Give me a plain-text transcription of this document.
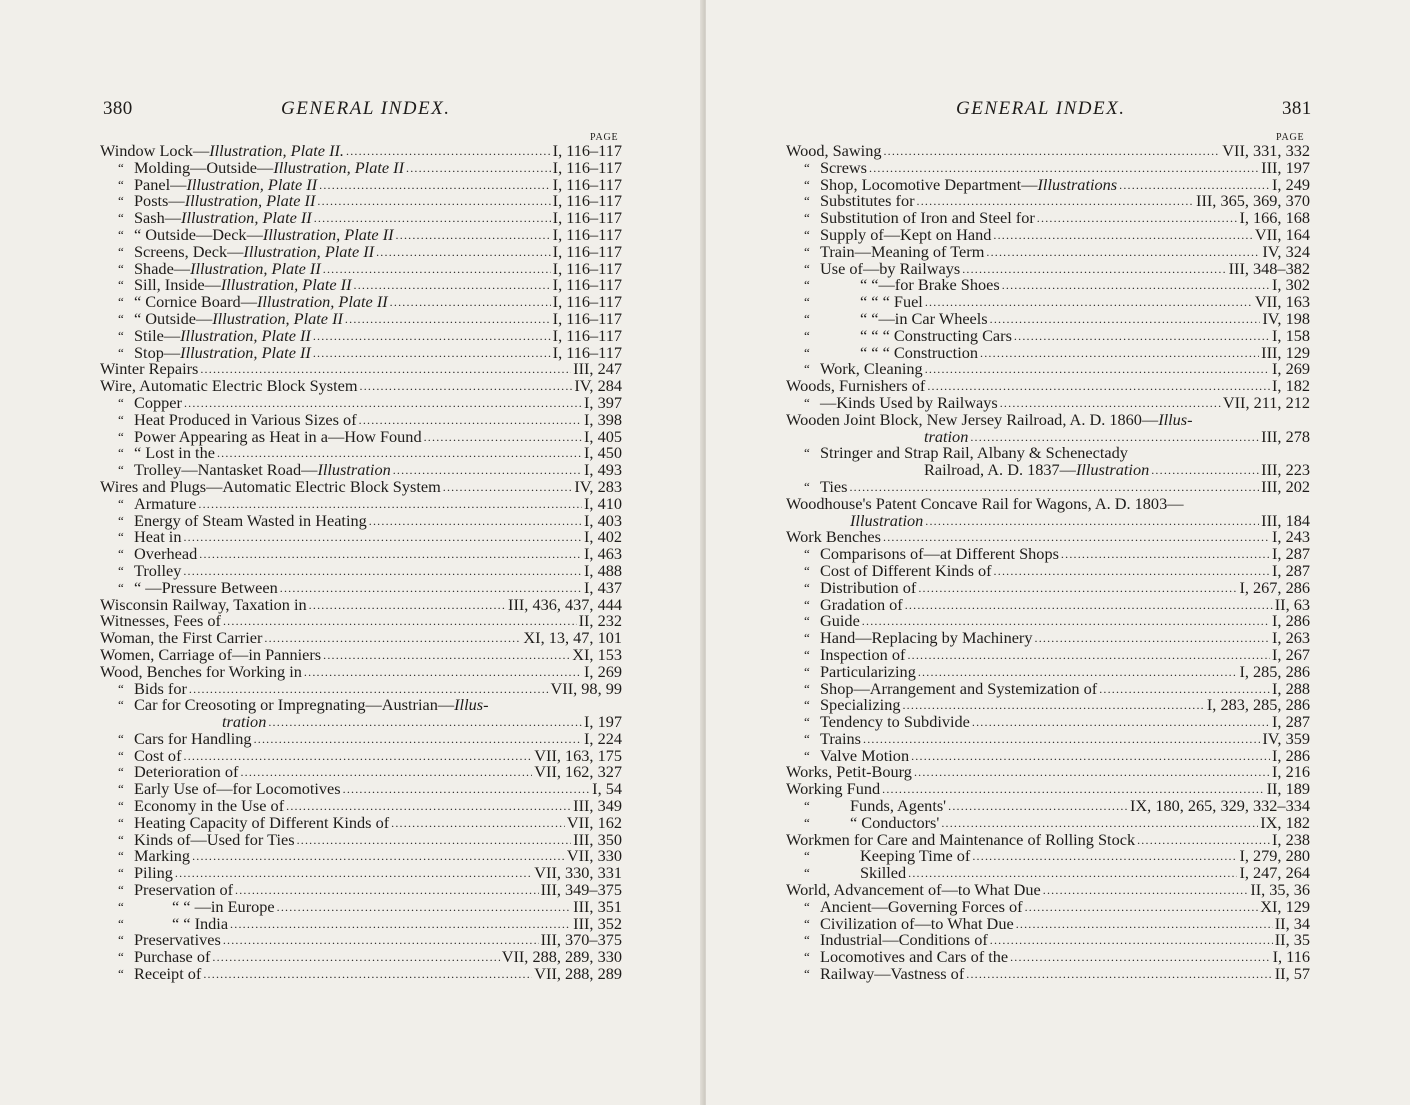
380	GENERAL INDEX.
PAGE
Window Lock—Illustration, Plate II. .....	I, 116–117
“ Molding—Outside—Illustration, Plate II .....	I, 116–117
“ Panel—Illustration, Plate II .....	I, 116–117
“ Posts—Illustration, Plate II .....	I, 116–117
“ Sash—Illustration, Plate II .....	I, 116–117
“ “ Outside—Deck—Illustration, Plate II .....	I, 116–117
“ Screens, Deck—Illustration, Plate II .....	I, 116–117
“ Shade—Illustration, Plate II .....	I, 116–117
“ Sill, Inside—Illustration, Plate II .....	I, 116–117
“ “ Cornice Board—Illustration, Plate II .....	I, 116–117
“ “ Outside—Illustration, Plate II .....	I, 116–117
“ Stile—Illustration, Plate II .....	I, 116–117
“ Stop—Illustration, Plate II .....	I, 116–117
Winter Repairs .....	III, 247
Wire, Automatic Electric Block System .....	IV, 284
“ Copper .....	I, 397
“ Heat Produced in Various Sizes of .....	I, 398
“ Power Appearing as Heat in a—How Found .....	I, 405
“ “ Lost in the .....	I, 450
“ Trolley—Nantasket Road—Illustration .....	I, 493
Wires and Plugs—Automatic Electric Block System .....	IV, 283
“ Armature .....	I, 410
“ Energy of Steam Wasted in Heating .....	I, 403
“ Heat in .....	I, 402
“ Overhead .....	I, 463
“ Trolley .....	I, 488
“ “ —Pressure Between .....	I, 437
Wisconsin Railway, Taxation in .....	III, 436, 437, 444
Witnesses, Fees of .....	II, 232
Woman, the First Carrier .....	XI, 13, 47, 101
Women, Carriage of—in Panniers .....	XI, 153
Wood, Benches for Working in .....	I, 269
“ Bids for .....	VII, 98, 99
“ Car for Creosoting or Impregnating—Austrian—Illus-
tration .....	I, 197
“ Cars for Handling .....	I, 224
“ Cost of .....	VII, 163, 175
“ Deterioration of .....	VII, 162, 327
“ Early Use of—for Locomotives .....	I, 54
“ Economy in the Use of .....	III, 349
“ Heating Capacity of Different Kinds of .....	VII, 162
“ Kinds of—Used for Ties .....	III, 350
“ Marking .....	VII, 330
“ Piling .....	VII, 330, 331
“ Preservation of .....	III, 349–375
“	“ “ —in Europe .....	III, 351
“	“ “ India .....	III, 352
“ Preservatives .....	III, 370–375
“ Purchase of .....	VII, 288, 289, 330
“ Receipt of .....	VII, 288, 289
GENERAL INDEX.	381
PAGE
Wood, Sawing .....	VII, 331, 332
“ Screws .....	III, 197
“ Shop, Locomotive Department—Illustrations .....	I, 249
“ Substitutes for .....	III, 365, 369, 370
“ Substitution of Iron and Steel for .....	I, 166, 168
“ Supply of—Kept on Hand .....	VII, 164
“ Train—Meaning of Term .....	IV, 324
“ Use of—by Railways .....	III, 348–382
“	“ “—for Brake Shoes .....	I, 302
“	“ “ “ Fuel .....	VII, 163
“	“ “—in Car Wheels .....	IV, 198
“	“ “ “ Constructing Cars .....	I, 158
“	“ “ “ Construction .....	III, 129
“ Work, Cleaning .....	I, 269
Woods, Furnishers of .....	I, 182
“ —Kinds Used by Railways .....	VII, 211, 212
Wooden Joint Block, New Jersey Railroad, A. D. 1860—Illus-
tration .....	III, 278
“ Stringer and Strap Rail, Albany & Schenectady
Railroad, A. D. 1837—Illustration .....	III, 223
“ Ties .....	III, 202
Woodhouse's Patent Concave Rail for Wagons, A. D. 1803—
Illustration .....	III, 184
Work Benches .....	I, 243
“ Comparisons of—at Different Shops .....	I, 287
“ Cost of Different Kinds of .....	I, 287
“ Distribution of .....	I, 267, 286
“ Gradation of .....	II, 63
“ Guide .....	I, 286
“ Hand—Replacing by Machinery .....	I, 263
“ Inspection of .....	I, 267
“ Particularizing .....	I, 285, 286
“ Shop—Arrangement and Systemization of .....	I, 288
“ Specializing .....	I, 283, 285, 286
“ Tendency to Subdivide .....	I, 287
“ Trains .....	IV, 359
“ Valve Motion .....	I, 286
Works, Petit-Bourg .....	I, 216
Working Fund .....	II, 189
“	Funds, Agents' .....	IX, 180, 265, 329, 332–334
“	“ Conductors' .....	IX, 182
Workmen for Care and Maintenance of Rolling Stock .....	I, 238
“	Keeping Time of .....	I, 279, 280
“	Skilled .....	I, 247, 264
World, Advancement of—to What Due .....	II, 35, 36
“ Ancient—Governing Forces of .....	XI, 129
“ Civilization of—to What Due .....	II, 34
“ Industrial—Conditions of .....	II, 35
“ Locomotives and Cars of the .....	I, 116
“ Railway—Vastness of .....	II, 57
